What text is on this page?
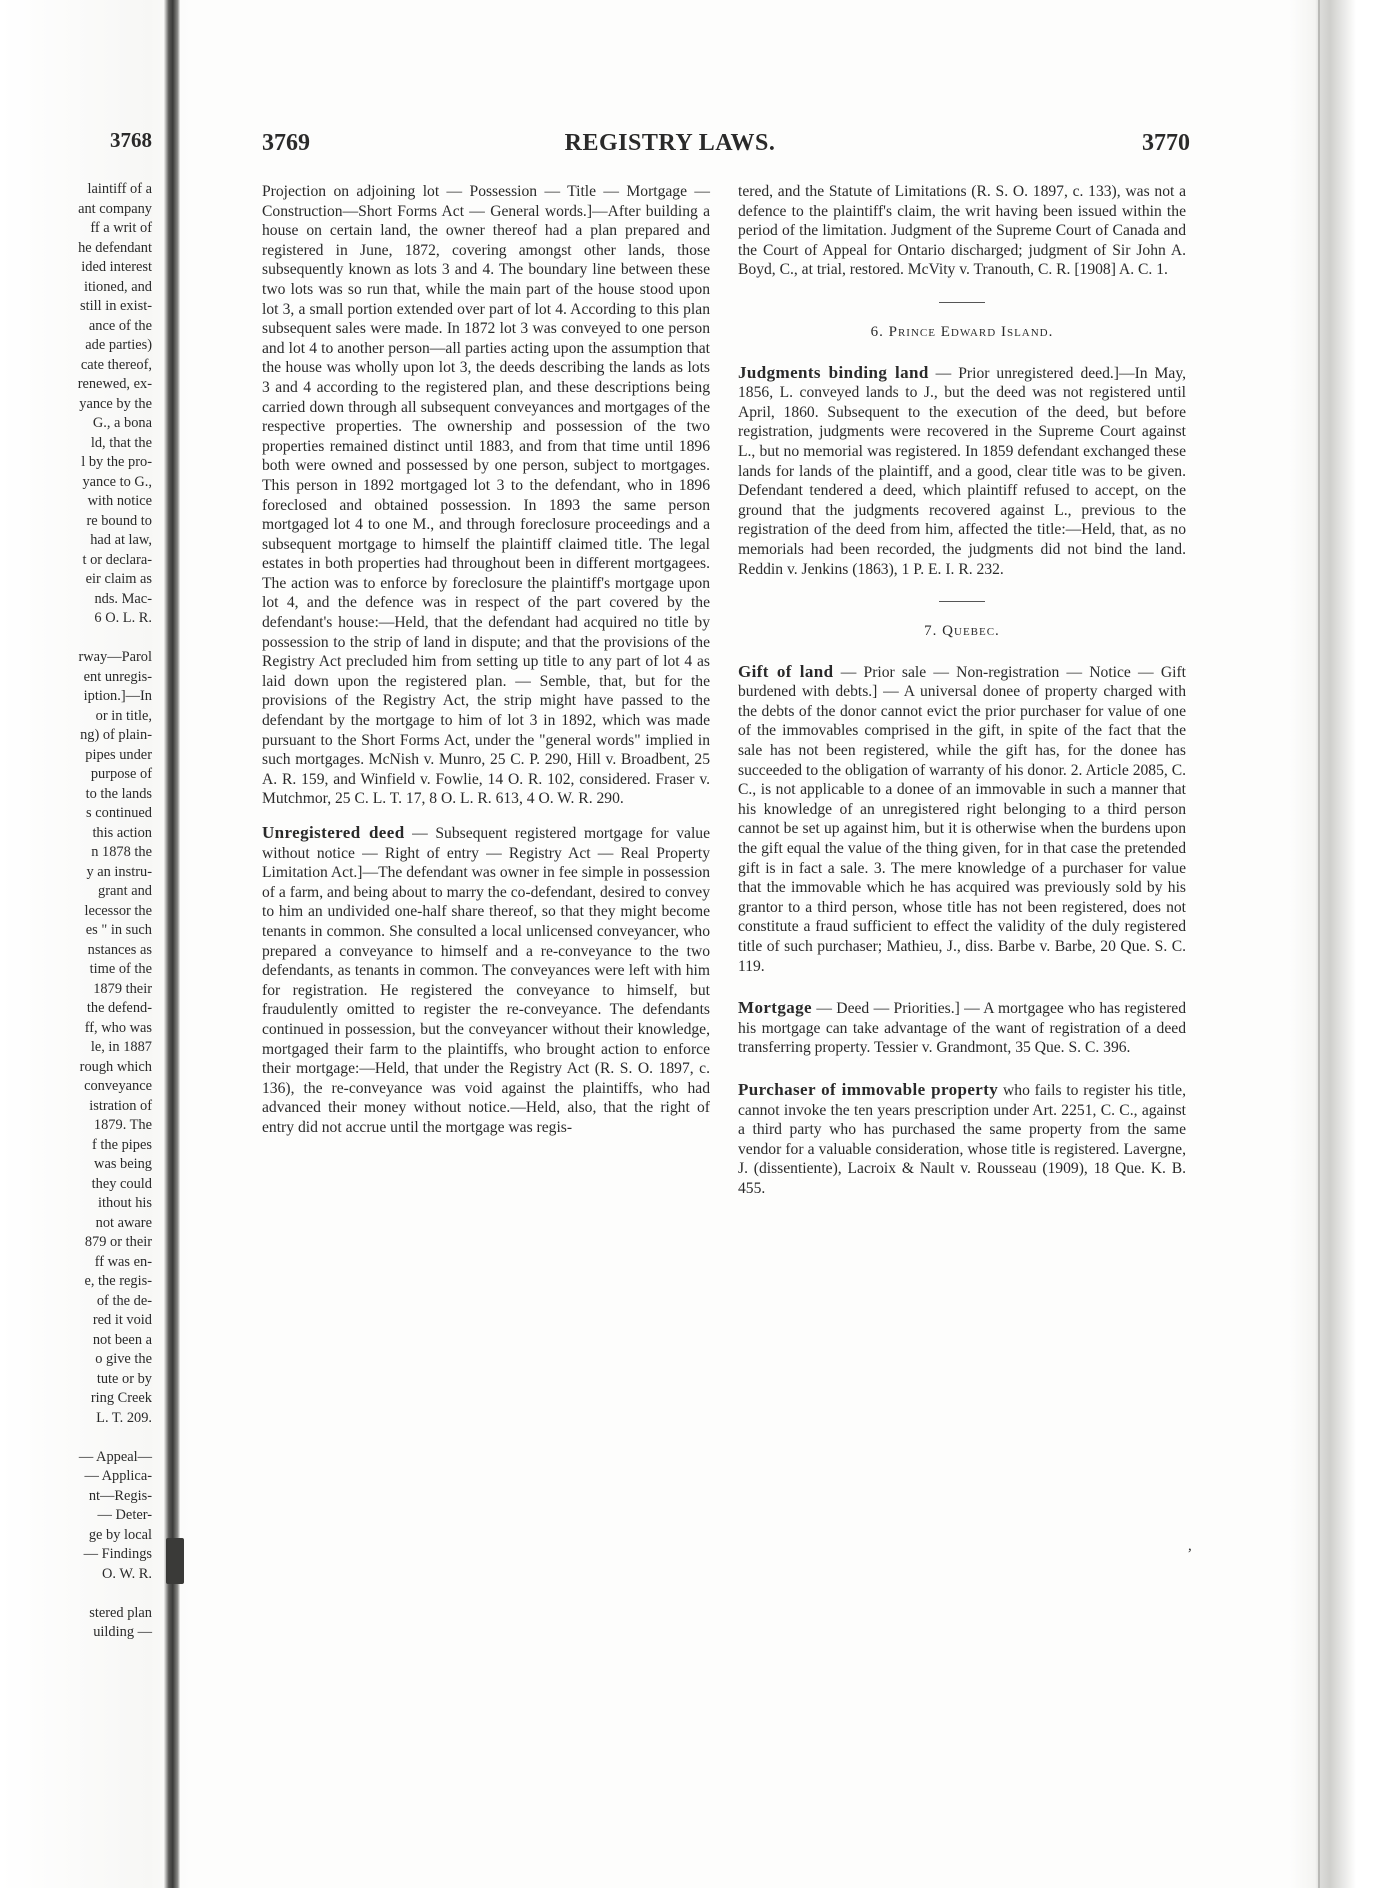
3768
laintiff of a
ant company
ff a writ of
he defendant
ided interest
itioned, and
still in exist-
ance of the
ade parties)
cate thereof,
renewed, ex-
yance by the
G., a bona
ld, that the
l by the pro-
yance to G.,
with notice
re bound to
had at law,
t or declara-
eir claim as
nds. Mac-
6 O. L. R.
rway—Parol
ent unregis-
iption.]—In
or in title,
ng) of plain-
pipes under
purpose of
to the lands
s continued
this action
n 1878 the
y an instru-
grant and
lecessor the
es " in such
nstances as
time of the
1879 their
the defend-
ff, who was
le, in 1887
rough which
conveyance
istration of
1879. The
f the pipes
was being
they could
ithout his
not aware
879 or their
ff was en-
e, the regis-
of the de-
red it void
not been a
o give the
tute or by
ring Creek
L. T. 209.
— Appeal—
— Applica-
nt—Regis-
— Deter-
ge by local
— Findings
O. W. R.
stered plan
uilding —
3769	REGISTRY LAWS.	3770

Projection on adjoining lot — Possession — Title — Mortgage — Construction—Short Forms Act — General words.]—After building a house on certain land, the owner thereof had a plan prepared and registered in June, 1872, covering amongst other lands, those subsequently known as lots 3 and 4. The boundary line between these two lots was so run that, while the main part of the house stood upon lot 3, a small portion extended over part of lot 4. According to this plan subsequent sales were made. In 1872 lot 3 was conveyed to one person and lot 4 to another person—all parties acting upon the assumption that the house was wholly upon lot 3, the deeds describing the lands as lots 3 and 4 according to the registered plan, and these descriptions being carried down through all subsequent conveyances and mortgages of the respective properties. The ownership and possession of the two properties remained distinct until 1883, and from that time until 1896 both were owned and possessed by one person, subject to mortgages. This person in 1892 mortgaged lot 3 to the defendant, who in 1896 foreclosed and obtained possession. In 1893 the same person mortgaged lot 4 to one M., and through foreclosure proceedings and a subsequent mortgage to himself the plaintiff claimed title. The legal estates in both properties had throughout been in different mortgagees. The action was to enforce by foreclosure the plaintiff's mortgage upon lot 4, and the defence was in respect of the part covered by the defendant's house:—Held, that the defendant had acquired no title by possession to the strip of land in dispute; and that the provisions of the Registry Act precluded him from setting up title to any part of lot 4 as laid down upon the registered plan. — Semble, that, but for the provisions of the Registry Act, the strip might have passed to the defendant by the mortgage to him of lot 3 in 1892, which was made pursuant to the Short Forms Act, under the "general words" implied in such mortgages. McNish v. Munro, 25 C. P. 290, Hill v. Broadbent, 25 A. R. 159, and Winfield v. Fowlie, 14 O. R. 102, considered. Fraser v. Mutchmor, 25 C. L. T. 17, 8 O. L. R. 613, 4 O. W. R. 290.

Unregistered deed — Subsequent registered mortgage for value without notice — Right of entry — Registry Act — Real Property Limitation Act.]—The defendant was owner in fee simple in possession of a farm, and being about to marry the co-defendant, desired to convey to him an undivided one-half share thereof, so that they might become tenants in common. She consulted a local unlicensed conveyancer, who prepared a conveyance to himself and a re-conveyance to the two defendants, as tenants in common. The conveyances were left with him for registration. He registered the conveyance to himself, but fraudulently omitted to register the re-conveyance. The defendants continued in possession, but the conveyancer without their knowledge, mortgaged their farm to the plaintiffs, who brought action to enforce their mortgage:—Held, that under the Registry Act (R. S. O. 1897, c. 136), the re-conveyance was void against the plaintiffs, who had advanced their money without notice.—Held, also, that the right of entry did not accrue until the mortgage was regis-

tered, and the Statute of Limitations (R. S. O. 1897, c. 133), was not a defence to the plaintiff's claim, the writ having been issued within the period of the limitation. Judgment of the Supreme Court of Canada and the Court of Appeal for Ontario discharged; judgment of Sir John A. Boyd, C., at trial, restored. McVity v. Tranouth, C. R. [1908] A. C. 1.

6. Prince Edward Island.

Judgments binding land — Prior unregistered deed.]—In May, 1856, L. conveyed lands to J., but the deed was not registered until April, 1860. Subsequent to the execution of the deed, but before registration, judgments were recovered in the Supreme Court against L., but no memorial was registered. In 1859 defendant exchanged these lands for lands of the plaintiff, and a good, clear title was to be given. Defendant tendered a deed, which plaintiff refused to accept, on the ground that the judgments recovered against L., previous to the registration of the deed from him, affected the title:—Held, that, as no memorials had been recorded, the judgments did not bind the land. Reddin v. Jenkins (1863), 1 P. E. I. R. 232.

7. Quebec.

Gift of land — Prior sale — Non-registration — Notice — Gift burdened with debts.] — A universal donee of property charged with the debts of the donor cannot evict the prior purchaser for value of one of the immovables comprised in the gift, in spite of the fact that the sale has not been registered, while the gift has, for the donee has succeeded to the obligation of warranty of his donor. 2. Article 2085, C. C., is not applicable to a donee of an immovable in such a manner that his knowledge of an unregistered right belonging to a third person cannot be set up against him, but it is otherwise when the burdens upon the gift equal the value of the thing given, for in that case the pretended gift is in fact a sale. 3. The mere knowledge of a purchaser for value that the immovable which he has acquired was previously sold by his grantor to a third person, whose title has not been registered, does not constitute a fraud sufficient to effect the validity of the duly registered title of such purchaser; Mathieu, J., diss. Barbe v. Barbe, 20 Que. S. C. 119.

Mortgage — Deed — Priorities.] — A mortgagee who has registered his mortgage can take advantage of the want of registration of a deed transferring property. Tessier v. Grandmont, 35 Que. S. C. 396.

Purchaser of immovable property who fails to register his title, cannot invoke the ten years prescription under Art. 2251, C. C., against a third party who has purchased the same property from the same vendor for a valuable consideration, whose title is registered. Lavergne, J. (dissentiente), Lacroix & Nault v. Rousseau (1909), 18 Que. K. B. 455.

,
